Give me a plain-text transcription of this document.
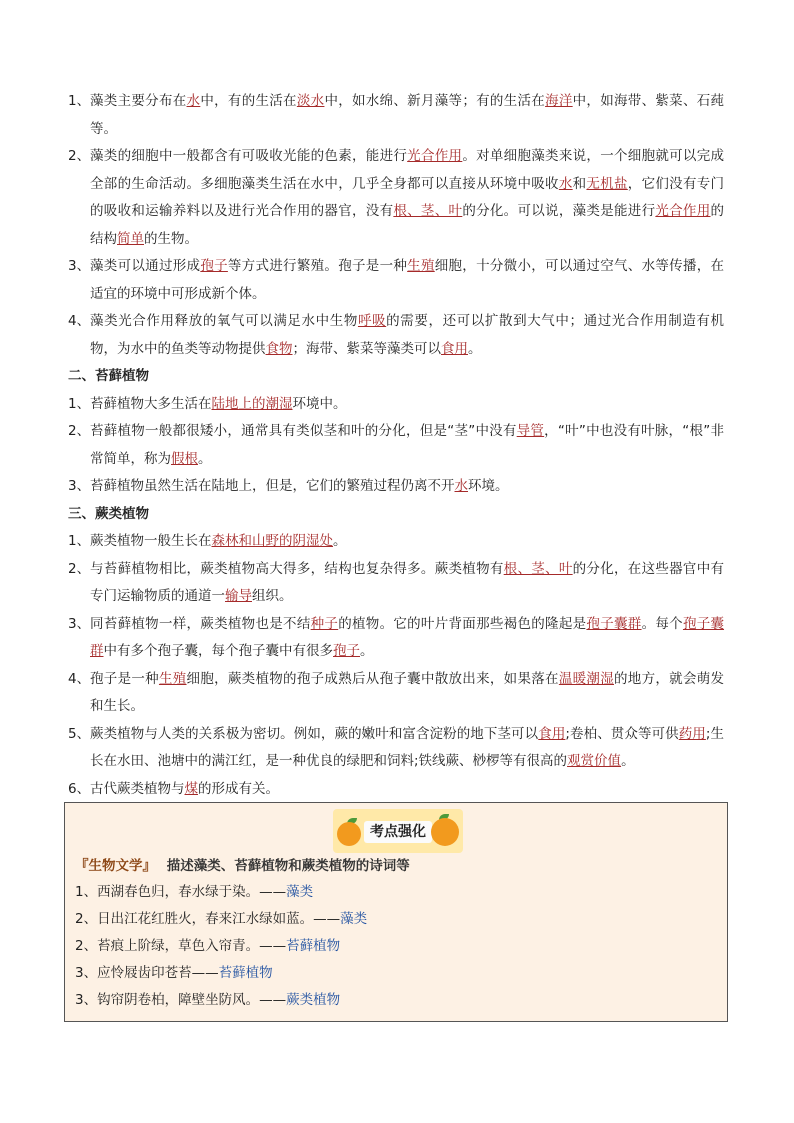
1、 藻类主要分布在水中，有的生活在淡水中，如水绵、新月藻等；有的生活在海洋中，如海带、紫菜、石莼等。

2、 藻类的细胞中一般都含有可吸收光能的色素，能进行光合作用。对单细胞藻类来说，一个细胞就可以完成全部的生命活动。多细胞藻类生活在水中，几乎全身都可以直接从环境中吸收水和无机盐，它们没有专门的吸收和运输养料以及进行光合作用的器官，没有根、茎、叶的分化。可以说，藻类是能进行光合作用的结构简单的生物。

3、 藻类可以通过形成孢子等方式进行繁殖。孢子是一种生殖细胞，十分微小，可以通过空气、水等传播，在适宜的环境中可形成新个体。

4、 藻类光合作用释放的氧气可以满足水中生物呼吸的需要，还可以扩散到大气中；通过光合作用制造有机物，为水中的鱼类等动物提供食物；海带、紫菜等藻类可以食用。

二、苔藓植物

1、 苔藓植物大多生活在陆地上的潮湿环境中。

2、 苔藓植物一般都很矮小，通常具有类似茎和叶的分化，但是“茎”中没有导管，“叶”中也没有叶脉，“根”非常简单，称为假根。

3、 苔藓植物虽然生活在陆地上，但是，它们的繁殖过程仍离不开水环境。

三、蕨类植物

1、 蕨类植物一般生长在森林和山野的阴湿处。

2、 与苔藓植物相比，蕨类植物高大得多，结构也复杂得多。蕨类植物有根、茎、叶的分化，在这些器官中有专门运输物质的通道一输导组织。

3、 同苔藓植物一样，蕨类植物也是不结种子的植物。它的叶片背面那些褐色的隆起是孢子囊群。每个孢子囊群中有多个孢子囊，每个孢子囊中有很多孢子。

4、 孢子是一种生殖细胞，蕨类植物的孢子成熟后从孢子囊中散放出来，如果落在温暖潮湿的地方，就会萌发和生长。

5、 蕨类植物与人类的关系极为密切。例如，蕨的嫩叶和富含淀粉的地下茎可以食用;卷柏、贯众等可供药用;生长在水田、池塘中的满江红，是一种优良的绿肥和饲料;铁线蕨、桫椤等有很高的观赏价值。

6、 古代蕨类植物与煤的形成有关。

考点强化
『生物文学』 描述藻类、苔藓植物和蕨类植物的诗词等
1、西湖春色归，春水绿于染。——藻类
2、日出江花红胜火，春来江水绿如蓝。——藻类
2、苔痕上阶绿，草色入帘青。——苔藓植物
3、应怜屐齿印苍苔——苔藓植物
3、钩帘阴卷柏，障壁坐防风。——蕨类植物
